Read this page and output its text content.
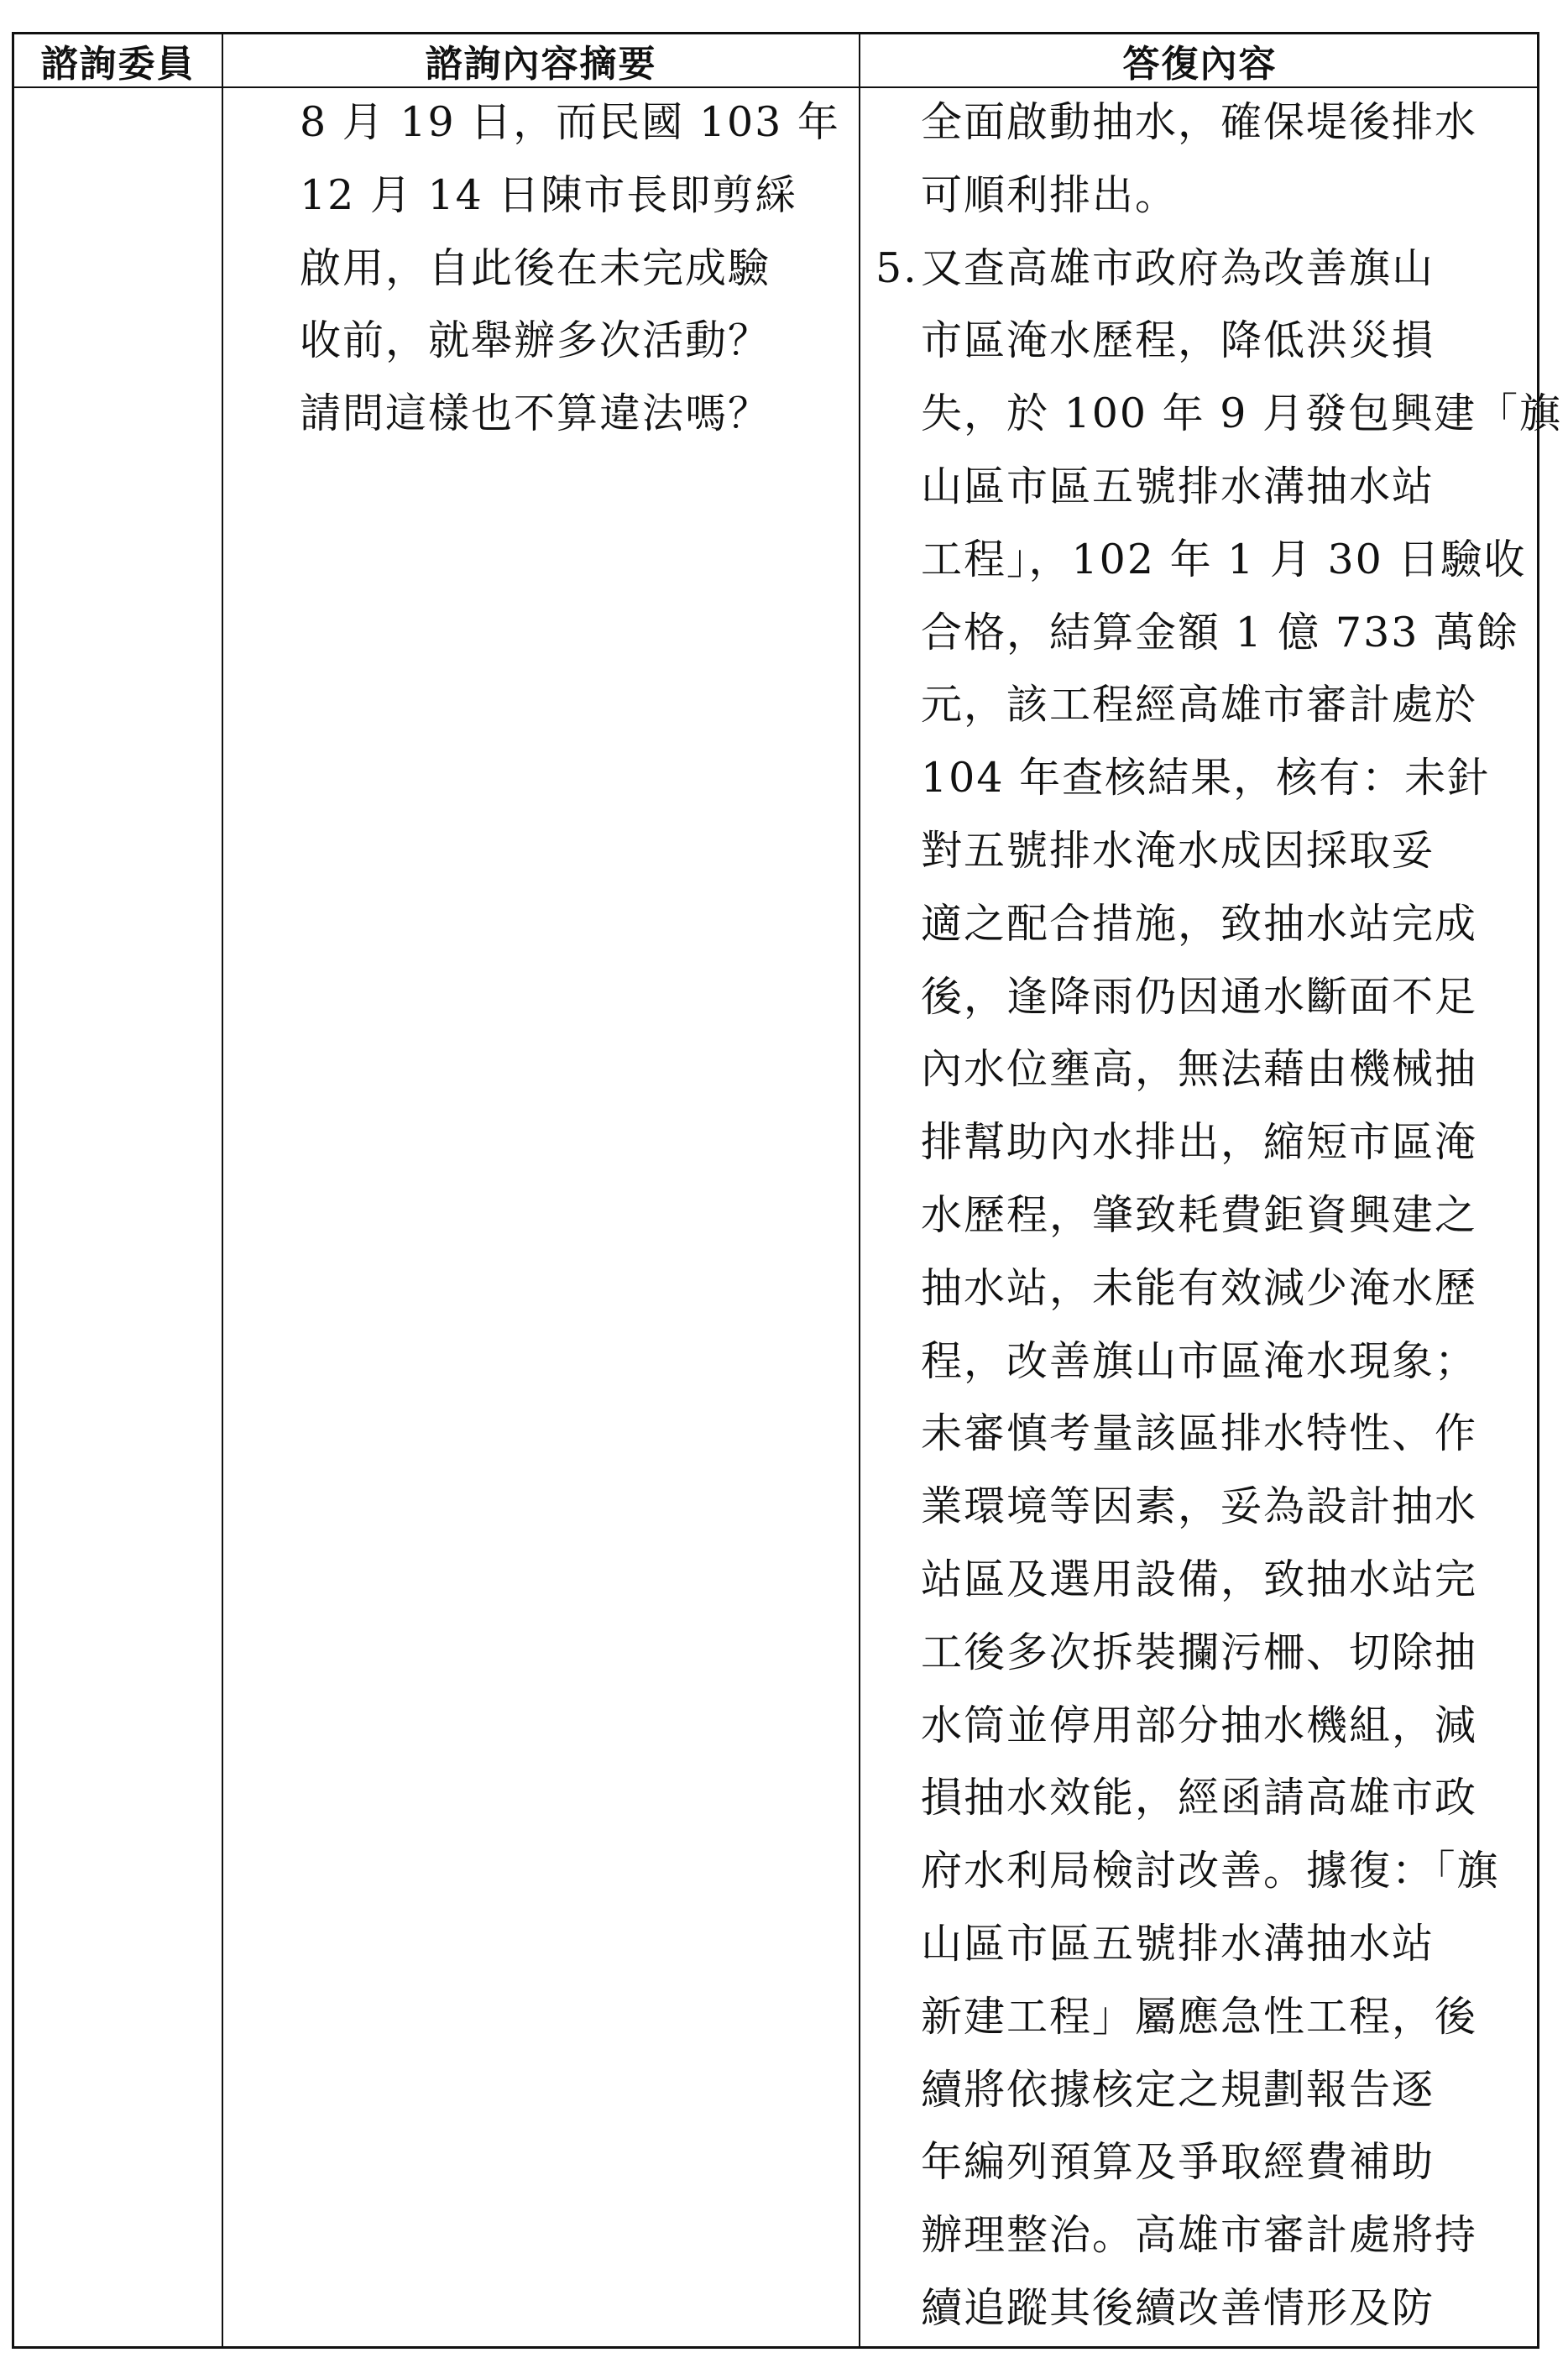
諮詢委員	諮詢內容摘要	答復內容
8 月 19 日，而民國 103 年
12 月 14 日陳市長即剪綵
啟用，自此後在未完成驗
收前，就舉辦多次活動？
請問這樣也不算違法嗎？
全面啟動抽水，確保堤後排水
可順利排出。
5.又查高雄市政府為改善旗山
市區淹水歷程，降低洪災損
失，於 100 年 9 月發包興建「旗
山區市區五號排水溝抽水站
工程」，102 年 1 月 30 日驗收
合格，結算金額 1 億 733 萬餘
元，該工程經高雄市審計處於
104 年查核結果，核有：未針
對五號排水淹水成因採取妥
適之配合措施，致抽水站完成
後，逢降雨仍因通水斷面不足
內水位壅高，無法藉由機械抽
排幫助內水排出，縮短市區淹
水歷程，肇致耗費鉅資興建之
抽水站，未能有效減少淹水歷
程，改善旗山市區淹水現象；
未審慎考量該區排水特性、作
業環境等因素，妥為設計抽水
站區及選用設備，致抽水站完
工後多次拆裝攔污柵、切除抽
水筒並停用部分抽水機組，減
損抽水效能，經函請高雄市政
府水利局檢討改善。據復：「旗
山區市區五號排水溝抽水站
新建工程」屬應急性工程，後
續將依據核定之規劃報告逐
年編列預算及爭取經費補助
辦理整治。高雄市審計處將持
續追蹤其後續改善情形及防
